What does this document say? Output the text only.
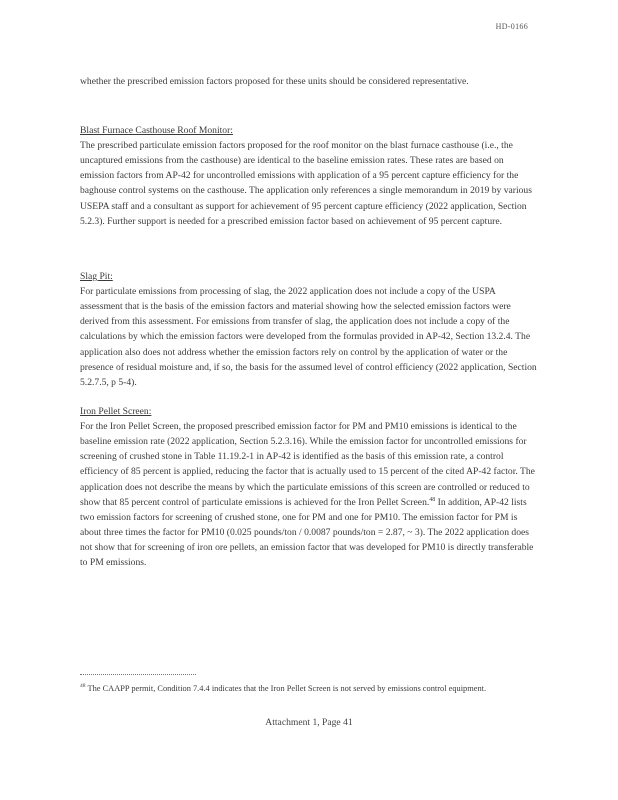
HD-0166

whether the prescribed emission factors proposed for these units should be considered representative.

Blast Furnace Casthouse Roof Monitor:

The prescribed particulate emission factors proposed for the roof monitor on the blast furnace casthouse (i.e., the uncaptured emissions from the casthouse) are identical to the baseline emission rates. These rates are based on emission factors from AP-42 for uncontrolled emissions with application of a 95 percent capture efficiency for the baghouse control systems on the casthouse. The application only references a single memorandum in 2019 by various USEPA staff and a consultant as support for achievement of 95 percent capture efficiency (2022 application, Section 5.2.3). Further support is needed for a prescribed emission factor based on achievement of 95 percent capture.

Slag Pit:

For particulate emissions from processing of slag, the 2022 application does not include a copy of the USPA assessment that is the basis of the emission factors and material showing how the selected emission factors were derived from this assessment. For emissions from transfer of slag, the application does not include a copy of the calculations by which the emission factors were developed from the formulas provided in AP-42, Section 13.2.4. The application also does not address whether the emission factors rely on control by the application of water or the presence of residual moisture and, if so, the basis for the assumed level of control efficiency (2022 application, Section 5.2.7.5, p 5-4).

Iron Pellet Screen:

For the Iron Pellet Screen, the proposed prescribed emission factor for PM and PM10 emissions is identical to the baseline emission rate (2022 application, Section 5.2.3.16). While the emission factor for uncontrolled emissions for screening of crushed stone in Table 11.19.2-1 in AP-42 is identified as the basis of this emission rate, a control efficiency of 85 percent is applied, reducing the factor that is actually used to 15 percent of the cited AP-42 factor. The application does not describe the means by which the particulate emissions of this screen are controlled or reduced to show that 85 percent control of particulate emissions is achieved for the Iron Pellet Screen.$^{48}$ In addition, AP-42 lists two emission factors for screening of crushed stone, one for PM and one for PM10. The emission factor for PM is about three times the factor for PM10 (0.025 pounds/ton / 0.0087 pounds/ton = 2.87, ~ 3). The 2022 application does not show that for screening of iron ore pellets, an emission factor that was developed for PM10 is directly transferable to PM emissions.

$^{48}$ The CAAPP permit, Condition 7.4.4 indicates that the Iron Pellet Screen is not served by emissions control equipment.

Attachment 1, Page 41
